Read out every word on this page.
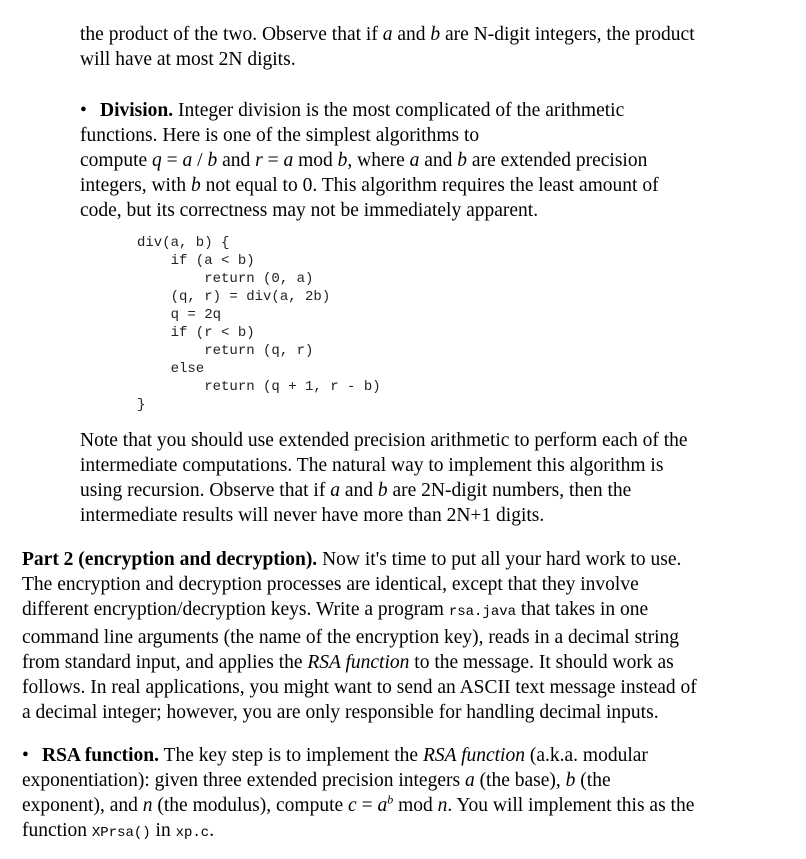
the product of the two. Observe that if a and b are N-digit integers, the product

will have at most 2N digits.

• Division. Integer division is the most complicated of the arithmetic

functions. Here is one of the simplest algorithms to

compute q = a / b and r = a mod b, where a and b are extended precision

integers, with b not equal to 0. This algorithm requires the least amount of

code, but its correctness may not be immediately apparent.

div(a, b) {
if (a < b)
return (0, a)
(q, r) = div(a, 2b)
q = 2q
if (r < b)
return (q, r)
else
return (q + 1, r - b)
}

Note that you should use extended precision arithmetic to perform each of the

intermediate computations. The natural way to implement this algorithm is

using recursion. Observe that if a and b are 2N-digit numbers, then the

intermediate results will never have more than 2N+1 digits.

Part 2 (encryption and decryption). Now it's time to put all your hard work to use.

The encryption and decryption processes are identical, except that they involve

different encryption/decryption keys. Write a program rsa.java that takes in one

command line arguments (the name of the encryption key), reads in a decimal string

from standard input, and applies the RSA function to the message. It should work as

follows. In real applications, you might want to send an ASCII text message instead of

a decimal integer; however, you are only responsible for handling decimal inputs.

• RSA function. The key step is to implement the RSA function (a.k.a. modular

exponentiation): given three extended precision integers a (the base), b (the

exponent), and n (the modulus), compute $c = a^b$ mod n. You will implement this as the

function XPrsa() in xp.c.
